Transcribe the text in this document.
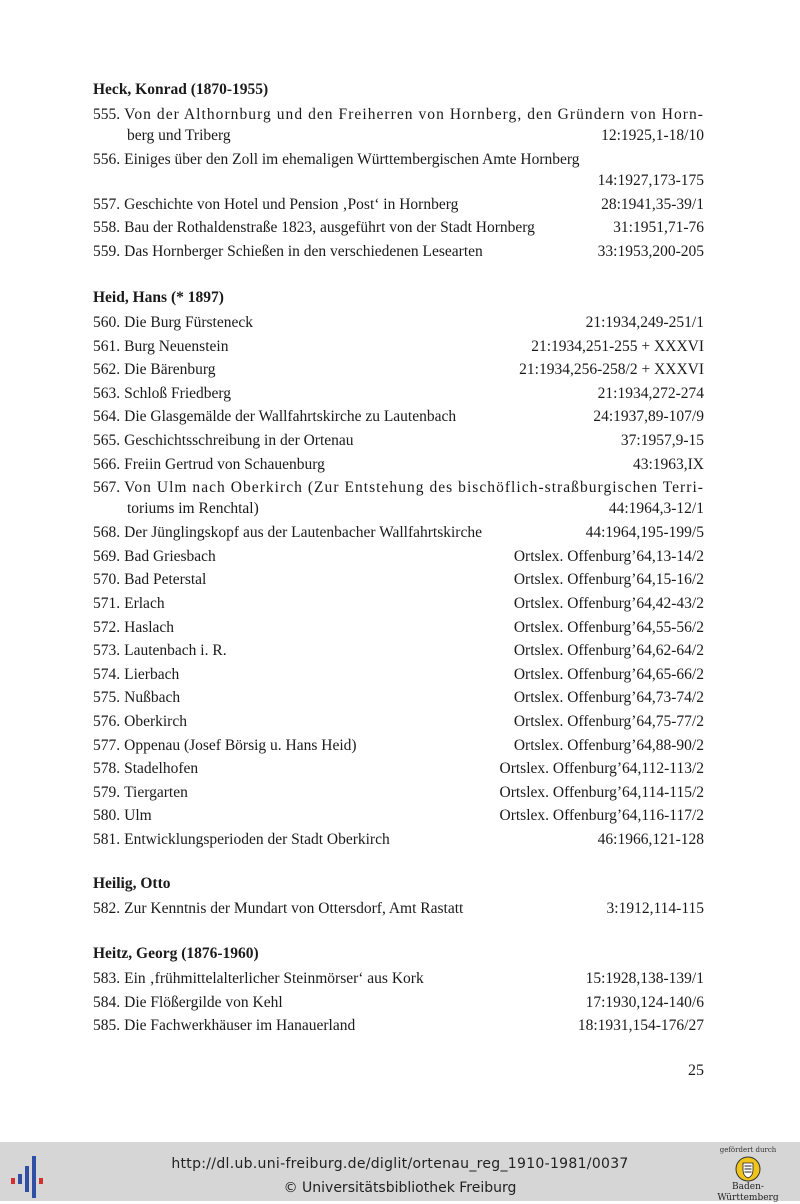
Heck, Konrad (1870-1955)
555. Von der Althornburg und den Freiherren von Hornberg, den Gründern von Horn-
berg und Triberg	12:1925,1-18/10
556. Einiges über den Zoll im ehemaligen Württembergischen Amte Hornberg
14:1927,173-175
557. Geschichte von Hotel und Pension ‚Post‘ in Hornberg	28:1941,35-39/1
558. Bau der Rothaldenstraße 1823, ausgeführt von der Stadt Hornberg	31:1951,71-76
559. Das Hornberger Schießen in den verschiedenen Lesearten	33:1953,200-205
Heid, Hans (* 1897)
560. Die Burg Fürsteneck	21:1934,249-251/1
561. Burg Neuenstein	21:1934,251-255 + XXXVI
562. Die Bärenburg	21:1934,256-258/2 + XXXVI
563. Schloß Friedberg	21:1934,272-274
564. Die Glasgemälde der Wallfahrtskirche zu Lautenbach	24:1937,89-107/9
565. Geschichtsschreibung in der Ortenau	37:1957,9-15
566. Freiin Gertrud von Schauenburg	43:1963,IX
567. Von Ulm nach Oberkirch (Zur Entstehung des bischöflich-straßburgischen Terri-
toriums im Renchtal)	44:1964,3-12/1
568. Der Jünglingskopf aus der Lautenbacher Wallfahrtskirche	44:1964,195-199/5
569. Bad Griesbach	Ortslex. Offenburg’64,13-14/2
570. Bad Peterstal	Ortslex. Offenburg’64,15-16/2
571. Erlach	Ortslex. Offenburg’64,42-43/2
572. Haslach	Ortslex. Offenburg’64,55-56/2
573. Lautenbach i. R.	Ortslex. Offenburg’64,62-64/2
574. Lierbach	Ortslex. Offenburg’64,65-66/2
575. Nußbach	Ortslex. Offenburg’64,73-74/2
576. Oberkirch	Ortslex. Offenburg’64,75-77/2
577. Oppenau (Josef Börsig u. Hans Heid)	Ortslex. Offenburg’64,88-90/2
578. Stadelhofen	Ortslex. Offenburg’64,112-113/2
579. Tiergarten	Ortslex. Offenburg’64,114-115/2
580. Ulm	Ortslex. Offenburg’64,116-117/2
581. Entwicklungsperioden der Stadt Oberkirch	46:1966,121-128
Heilig, Otto
582. Zur Kenntnis der Mundart von Ottersdorf, Amt Rastatt	3:1912,114-115
Heitz, Georg (1876-1960)
583. Ein ‚frühmittelalterlicher Steinmörser‘ aus Kork	15:1928,138-139/1
584. Die Flößergilde von Kehl	17:1930,124-140/6
585. Die Fachwerkhäuser im Hanauerland	18:1931,154-176/27
25
http://dl.ub.uni-freiburg.de/diglit/ortenau_reg_1910-1981/0037
© Universitätsbibliothek Freiburg
gefördert durch
Baden-Württemberg
